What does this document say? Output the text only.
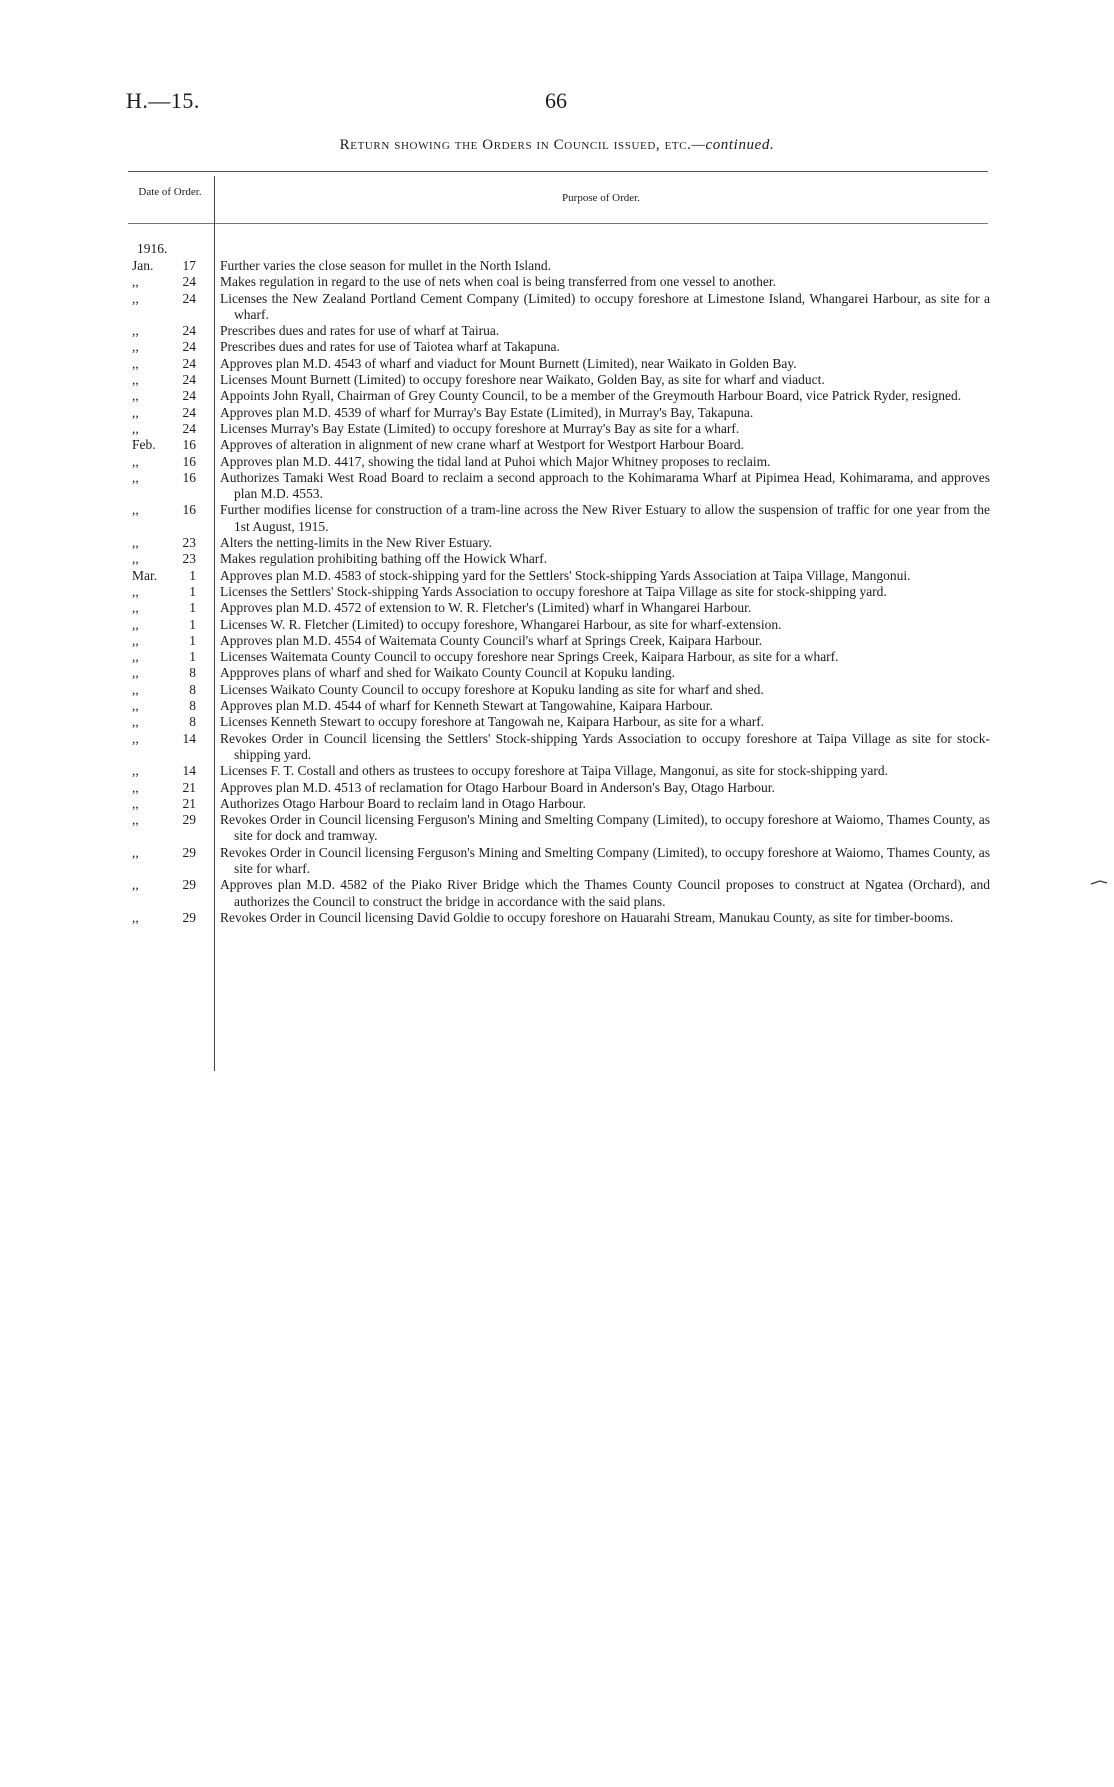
H.—15.	66
Return showing the Orders in Council issued, etc.—continued.
Date of Order.	Purpose of Order.
1916.
Jan.	17	Further varies the close season for mullet in the North Island.
,,	24	Makes regulation in regard to the use of nets when coal is being transferred from one vessel to another.
,,	24	Licenses the New Zealand Portland Cement Company (Limited) to occupy foreshore at Limestone Island, Whangarei Harbour, as site for a wharf.
,,	24	Prescribes dues and rates for use of wharf at Tairua.
,,	24	Prescribes dues and rates for use of Taiotea wharf at Takapuna.
,,	24	Approves plan M.D. 4543 of wharf and viaduct for Mount Burnett (Limited), near Waikato in Golden Bay.
,,	24	Licenses Mount Burnett (Limited) to occupy foreshore near Waikato, Golden Bay, as site for wharf and viaduct.
,,	24	Appoints John Ryall, Chairman of Grey County Council, to be a member of the Greymouth Harbour Board, vice Patrick Ryder, resigned.
,,	24	Approves plan M.D. 4539 of wharf for Murray's Bay Estate (Limited), in Murray's Bay, Takapuna.
,,	24	Licenses Murray's Bay Estate (Limited) to occupy foreshore at Murray's Bay as site for a wharf.
Feb.	16	Approves of alteration in alignment of new crane wharf at Westport for Westport Harbour Board.
,,	16	Approves plan M.D. 4417, showing the tidal land at Puhoi which Major Whitney proposes to reclaim.
,,	16	Authorizes Tamaki West Road Board to reclaim a second approach to the Kohimarama Wharf at Pipimea Head, Kohimarama, and approves plan M.D. 4553.
,,	16	Further modifies license for construction of a tram-line across the New River Estuary to allow the suspension of traffic for one year from the 1st August, 1915.
,,	23	Alters the netting-limits in the New River Estuary.
,,	23	Makes regulation prohibiting bathing off the Howick Wharf.
Mar.	1	Approves plan M.D. 4583 of stock-shipping yard for the Settlers' Stock-shipping Yards Association at Taipa Village, Mangonui.
,,	1	Licenses the Settlers' Stock-shipping Yards Association to occupy foreshore at Taipa Village as site for stock-shipping yard.
,,	1	Approves plan M.D. 4572 of extension to W. R. Fletcher's (Limited) wharf in Whangarei Harbour.
,,	1	Licenses W. R. Fletcher (Limited) to occupy foreshore, Whangarei Harbour, as site for wharf-extension.
,,	1	Approves plan M.D. 4554 of Waitemata County Council's wharf at Springs Creek, Kaipara Harbour.
,,	1	Licenses Waitemata County Council to occupy foreshore near Springs Creek, Kaipara Harbour, as site for a wharf.
,,	8	Appproves plans of wharf and shed for Waikato County Council at Kopuku landing.
,,	8	Licenses Waikato County Council to occupy foreshore at Kopuku landing as site for wharf and shed.
,,	8	Approves plan M.D. 4544 of wharf for Kenneth Stewart at Tangowahine, Kaipara Harbour.
,,	8	Licenses Kenneth Stewart to occupy foreshore at Tangowah ne, Kaipara Harbour, as site for a wharf.
,,	14	Revokes Order in Council licensing the Settlers' Stock-shipping Yards Association to occupy foreshore at Taipa Village as site for stock-shipping yard.
,,	14	Licenses F. T. Costall and others as trustees to occupy foreshore at Taipa Village, Mangonui, as site for stock-shipping yard.
,,	21	Approves plan M.D. 4513 of reclamation for Otago Harbour Board in Anderson's Bay, Otago Harbour.
,,	21	Authorizes Otago Harbour Board to reclaim land in Otago Harbour.
,,	29	Revokes Order in Council licensing Ferguson's Mining and Smelting Company (Limited), to occupy foreshore at Waiomo, Thames County, as site for dock and tramway.
,,	29	Revokes Order in Council licensing Ferguson's Mining and Smelting Company (Limited), to occupy foreshore at Waiomo, Thames County, as site for wharf.
,,	29	Approves plan M.D. 4582 of the Piako River Bridge which the Thames County Council proposes to construct at Ngatea (Orchard), and authorizes the Council to construct the bridge in accordance with the said plans.
,,	29	Revokes Order in Council licensing David Goldie to occupy foreshore on Hauarahi Stream, Manukau County, as site for timber-booms.
